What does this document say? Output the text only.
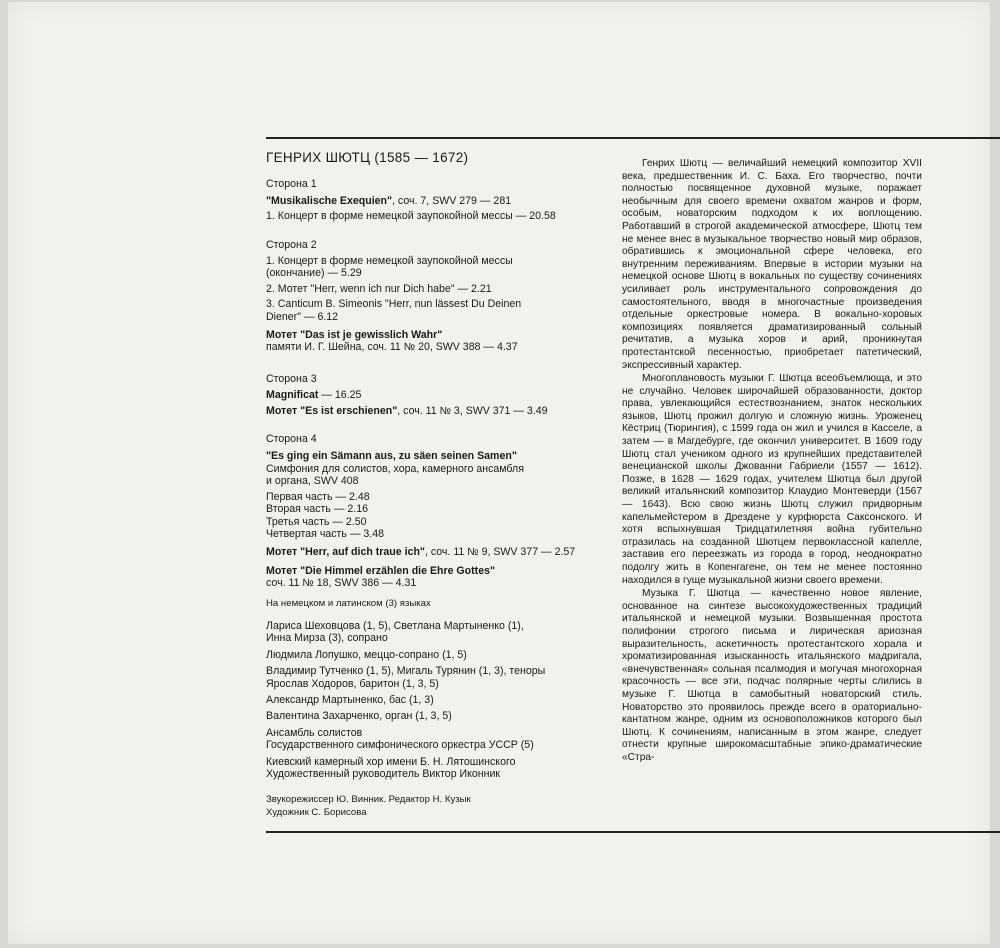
ГЕНРИХ ШЮТЦ (1585 — 1672)
Сторона 1

"Musikalische Exequien", соч. 7, SWV 279 — 281

1. Концерт в форме немецкой заупокойной мессы — 20.58

Сторона 2

1. Концерт в форме немецкой заупокойной мессы
(окончание) — 5.29

2. Мотет "Herr, wenn ich nur Dich habe" — 2.21

3. Canticum B. Simeonis "Herr, nun lässest Du Deinen
Diener" — 6.12

Мотет "Das ist je gewisslich Wahr"
памяти И. Г. Шейна, соч. 11 № 20, SWV 388 — 4.37

Сторона 3

Magnificat — 16.25

Мотет "Es ist erschienen", соч. 11 № 3, SWV 371 — 3.49

Сторона 4

"Es ging ein Sämann aus, zu säen seinen Samen"

Симфония для солистов, хора, камерного ансамбля
и органа, SWV 408

Первая часть — 2.48
Вторая часть — 2.16
Третья часть — 2.50
Четвертая часть — 3.48

Мотет "Herr, auf dich traue ich", соч. 11 № 9, SWV 377 — 2.57

Мотет "Die Himmel erzählen die Ehre Gottes"
соч. 11 № 18, SWV 386 — 4.31

На немецком и латинском (3) языках

Лариса Шеховцова (1, 5), Светлана Мартыненко (1),
Инна Мирза (3), сопрано

Людмила Лопушко, меццо-сопрано (1, 5)

Владимир Тутченко (1, 5), Мигаль Турянин (1, 3), теноры
Ярослав Ходоров, баритон (1, 3, 5)

Александр Мартыненко, бас (1, 3)

Валентина Захарченко, орган (1, 3, 5)

Ансамбль солистов
Государственного симфонического оркестра УССР (5)

Киевский камерный хор имени Б. Н. Лятошинского
Художественный руководитель Виктор Иконник

Звукорежиссер Ю. Винник. Редактор Н. Кузык
Художник С. Борисова

Генрих Шютц — величайший немецкий композитор XVII века, предшественник И. С. Баха. Его творчество, почти полностью посвященное духовной музыке, поражает необычным для своего времени охватом жанров и форм, особым, новаторским подходом к их воплощению. Работавший в строгой академической атмосфере, Шютц тем не менее внес в музыкальное творчество новый мир образов, обратившись к эмоциональной сфере человека, его внутренним переживаниям. Впервые в истории музыки на немецкой основе Шютц в вокальных по существу сочинениях усиливает роль инструментального сопровождения до самостоятельного, вводя в многочастные произведения отдельные оркестровые номера. В вокально-хоровых композициях появляется драматизированный сольный речитатив, а музыка хоров и арий, проникнутая протестантской песенностью, приобретает патетический, экспрессивный характер.

Многоплановость музыки Г. Шютца всеобъемлюща, и это не случайно. Человек широчайшей образованности, доктор права, увлекающийся естествознанием, знаток нескольких языков, Шютц прожил долгую и сложную жизнь. Уроженец Кёстриц (Тюрингия), с 1599 года он жил и учился в Касселе, а затем — в Магдебурге, где окончил университет. В 1609 году Шютц стал учеником одного из крупнейших представителей венецианской школы Джованни Габриели (1557 — 1612). Позже, в 1628 — 1629 годах, учителем Шютца был другой великий итальянский композитор Клаудио Монтеверди (1567 — 1643). Всю свою жизнь Шютц служил придворным капельмейстером в Дрездене у курфюрста Саксонского. И хотя вспыхнувшая Тридцатилетняя война губительно отразилась на созданной Шютцем первоклассной капелле, заставив его переезжать из города в город, неоднократно подолгу жить в Копенгагене, он тем не менее постоянно находился в гуще музыкальной жизни своего времени.

Музыка Г. Шютца — качественно новое явление, основанное на синтезе высокохудожественных традиций итальянской и немецкой музыки. Возвышенная простота полифонии строгого письма и лирическая ариозная выразительность, аскетичность протестантского хорала и хроматизированная изысканность итальянского мадригала, «внечувственная» сольная псалмодия и могучая многохорная красочность — все эти, подчас полярные черты слились в музыке Г. Шютца в самобытный новаторский стиль. Новаторство это проявилось прежде всего в ораториально-кантатном жанре, одним из основоположников которого был Шютц. К сочинениям, написанным в этом жанре, следует отнести крупные широкомасштабные эпико-драматические «Стра-
